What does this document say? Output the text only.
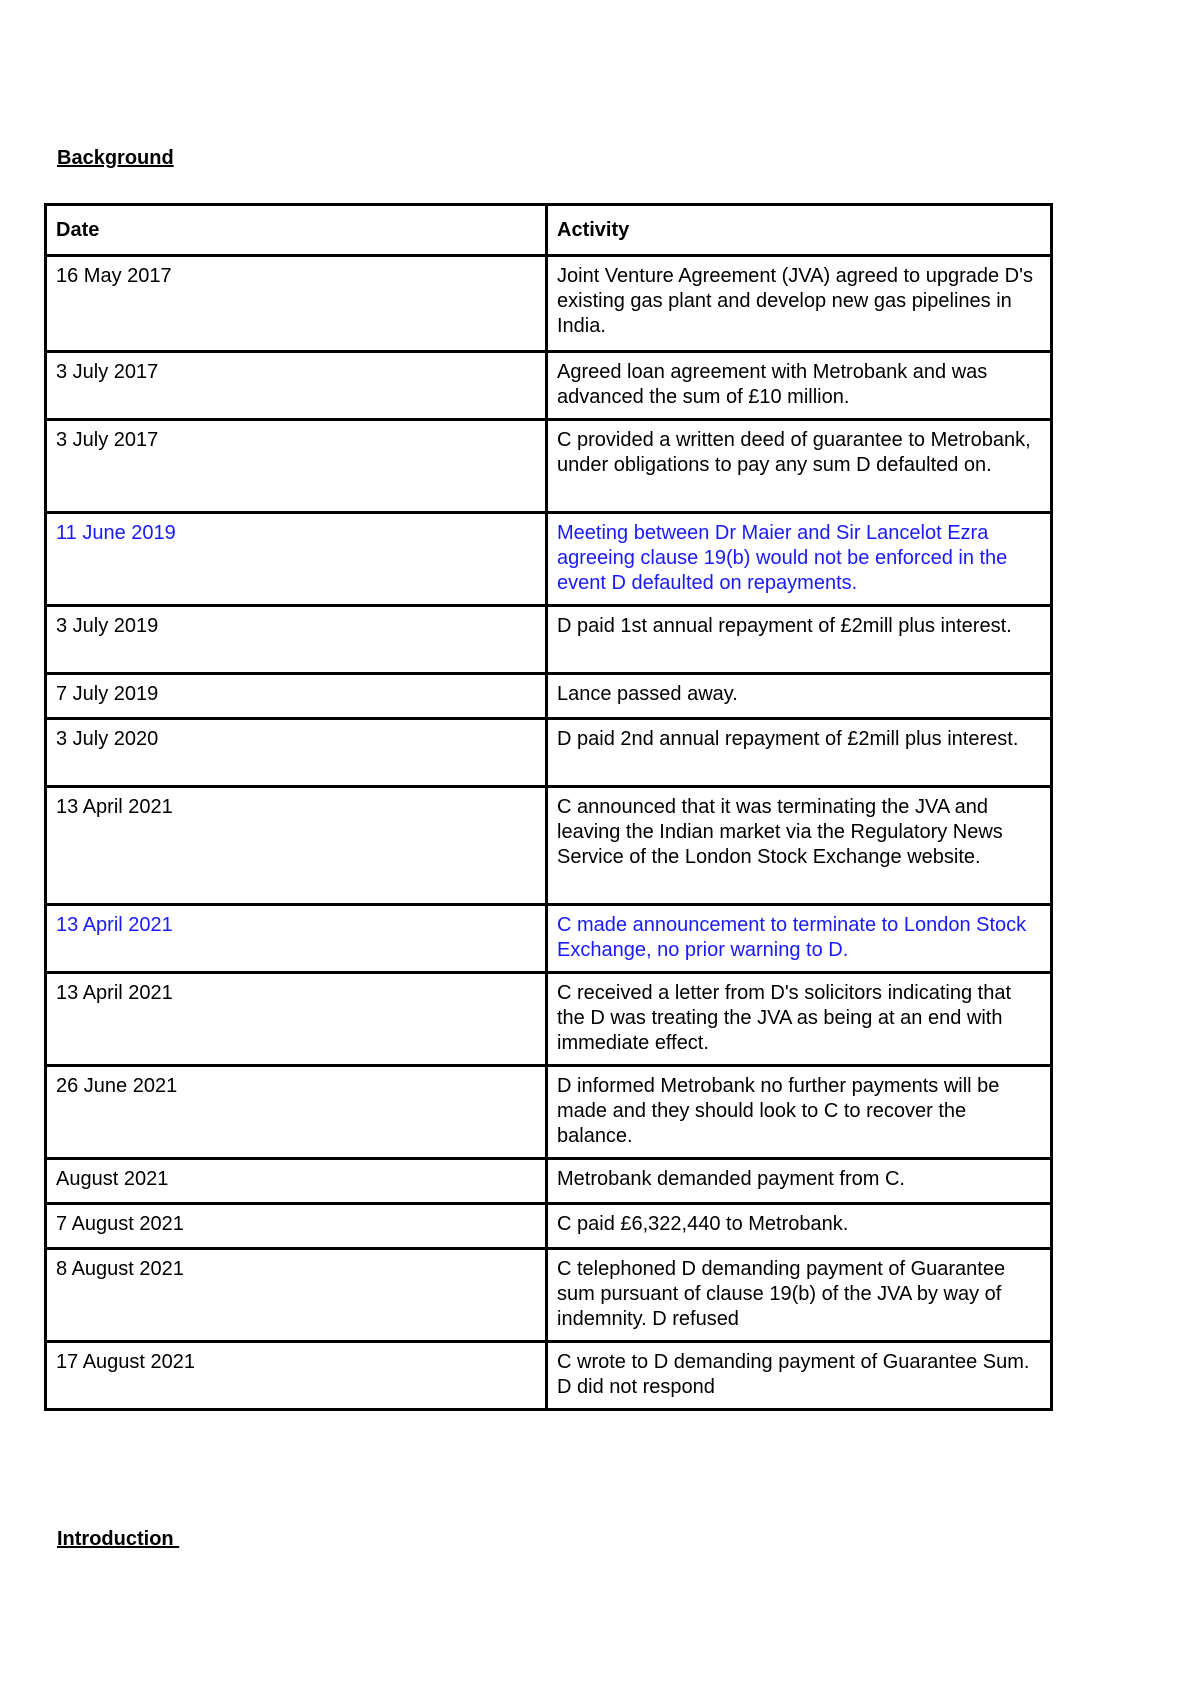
Background
Date	Activity
16 May 2017	Joint Venture Agreement (JVA) agreed to upgrade D's existing gas plant and develop new gas pipelines in India.
3 July 2017	Agreed loan agreement with Metrobank and was advanced the sum of £10 million.
3 July 2017	C provided a written deed of guarantee to Metrobank, under obligations to pay any sum D defaulted on.
11 June 2019	Meeting between Dr Maier and Sir Lancelot Ezra agreeing clause 19(b) would not be enforced in the event D defaulted on repayments.
3 July 2019	D paid 1st annual repayment of £2mill plus interest.
7 July 2019	Lance passed away.
3 July 2020	D paid 2nd annual repayment of £2mill plus interest.
13 April 2021	C announced that it was terminating the JVA and leaving the Indian market via the Regulatory News Service of the London Stock Exchange website.
13 April 2021	C made announcement to terminate to London Stock Exchange, no prior warning to D.
13 April 2021	C received a letter from D's solicitors indicating that the D was treating the JVA as being at an end with immediate effect.
26 June 2021	D informed Metrobank no further payments will be made and they should look to C to recover the balance.
August 2021	Metrobank demanded payment from C.
7 August 2021	C paid £6,322,440 to Metrobank.
8 August 2021	C telephoned D demanding payment of Guarantee sum pursuant of clause 19(b) of the JVA by way of indemnity. D refused
17 August 2021	C wrote to D demanding payment of Guarantee Sum. D did not respond
Introduction
